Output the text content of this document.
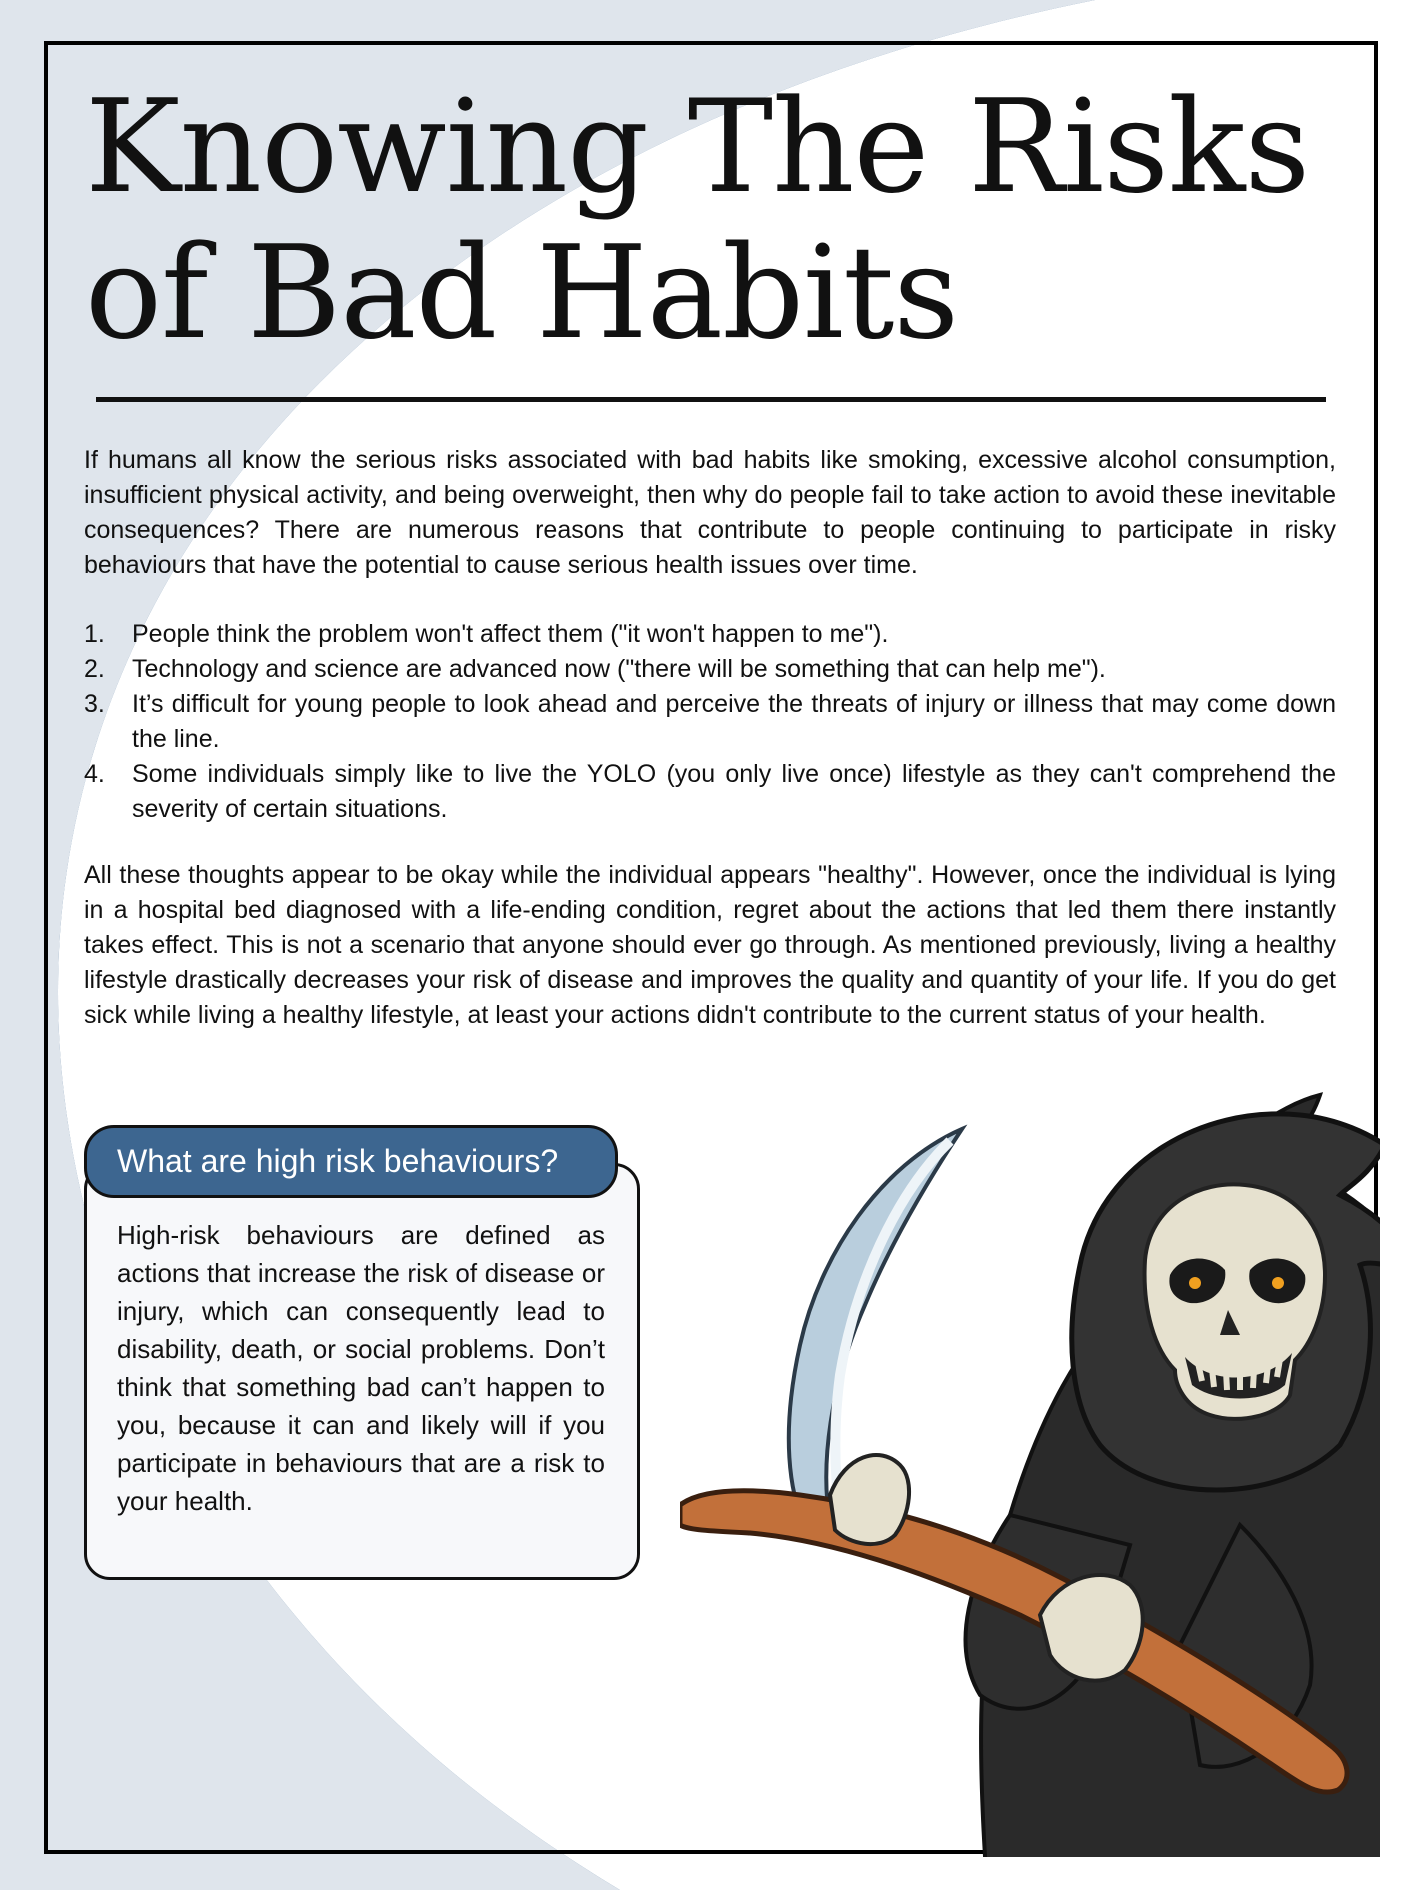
Knowing The Risks of Bad Habits

If humans all know the serious risks associated with bad habits like smoking, excessive alcohol consumption, insufficient physical activity, and being overweight, then why do people fail to take action to avoid these inevitable consequences? There are numerous reasons that contribute to people continuing to participate in risky behaviours that have the potential to cause serious health issues over time.

1. People think the problem won't affect them ("it won't happen to me").
2. Technology and science are advanced now ("there will be something that can help me").
3. It’s difficult for young people to look ahead and perceive the threats of injury or illness that may come down the line.
4. Some individuals simply like to live the YOLO (you only live once) lifestyle as they can't comprehend the severity of certain situations.

All these thoughts appear to be okay while the individual appears "healthy". However, once the individual is lying in a hospital bed diagnosed with a life-ending condition, regret about the actions that led them there instantly takes effect. This is not a scenario that anyone should ever go through. As mentioned previously, living a healthy lifestyle drastically decreases your risk of disease and improves the quality and quantity of your life. If you do get sick while living a healthy lifestyle, at least your actions didn't contribute to the current status of your health.

What are high risk behaviours?

High-risk behaviours are defined as actions that increase the risk of disease or injury, which can consequently lead to disability, death, or social problems. Don’t think that something bad can’t happen to you, because it can and likely will if you participate in behaviours that are a risk to your health.
